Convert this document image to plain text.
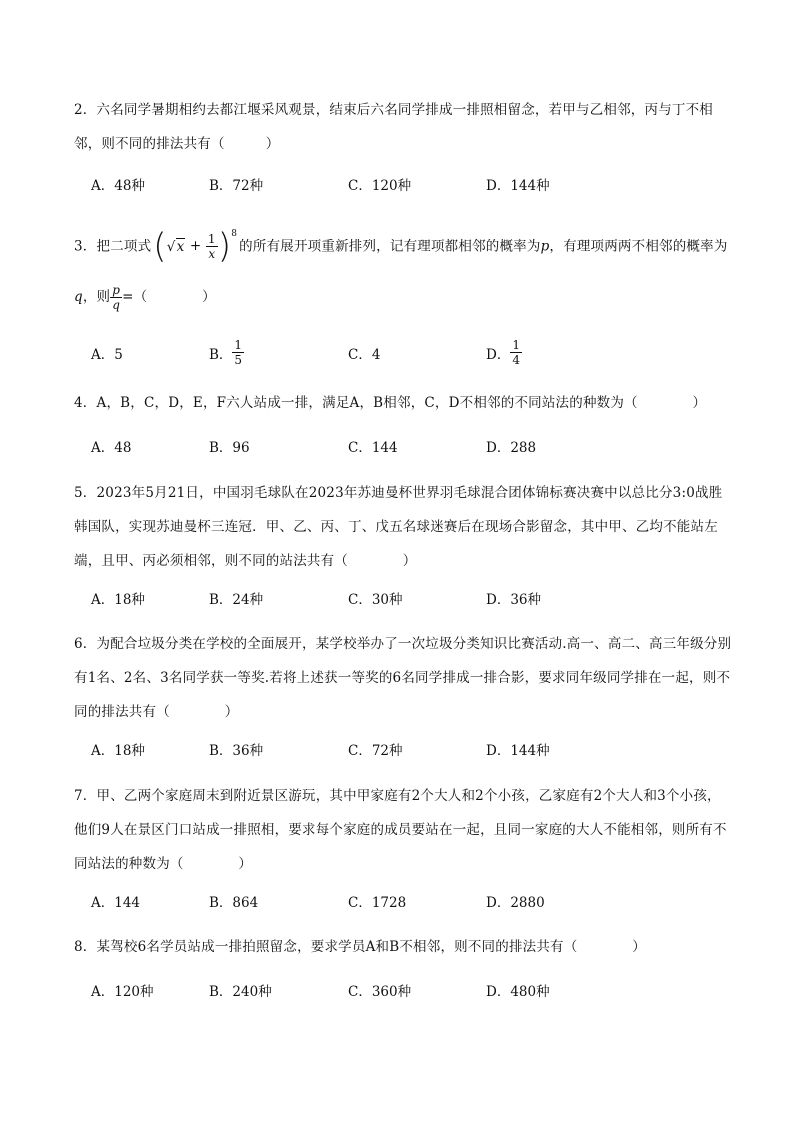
2．六名同学暑期相约去都江堰采风观景，结束后六名同学排成一排照相留念，若甲与乙相邻，丙与丁不相邻，则不同的排法共有（　　　）
A．48种	B．72种	C．120种	D．144种
3．把二项式$(√x + \frac{1}{x} )^8$的所有展开项重新排列，记有理项都相邻的概率为p，有理项两两不相邻的概率为
q，则 $\frac{p}{q}$ =（　　　　）
A．5	B． $\frac{1}{5}$	C．4	D． $\frac{1}{4}$
4．A，B，C，D，E，F六人站成一排，满足A，B相邻，C，D不相邻的不同站法的种数为（　　　　）
A．48	B．96	C．144	D．288
5．2023年5月21日，中国羽毛球队在2023年苏迪曼杯世界羽毛球混合团体锦标赛决赛中以总比分3:0战胜韩国队，实现苏迪曼杯三连冠．甲、乙、丙、丁、戊五名球迷赛后在现场合影留念，其中甲、乙均不能站左端，且甲、丙必须相邻，则不同的站法共有（　　　　）
A．18种	B．24种	C．30种	D．36种
6．为配合垃圾分类在学校的全面展开，某学校举办了一次垃圾分类知识比赛活动.高一、高二、高三年级分别有1名、2名、3名同学获一等奖.若将上述获一等奖的6名同学排成一排合影，要求同年级同学排在一起，则不同的排法共有（　　　　）
A．18种	B．36种	C．72种	D．144种
7．甲、乙两个家庭周末到附近景区游玩，其中甲家庭有2个大人和2个小孩，乙家庭有2个大人和3个小孩，他们9人在景区门口站成一排照相，要求每个家庭的成员要站在一起，且同一家庭的大人不能相邻，则所有不同站法的种数为（　　　　）
A．144	B．864	C．1728	D．2880
8．某驾校6名学员站成一排拍照留念，要求学员A和B不相邻，则不同的排法共有（　　　　）
A．120种	B．240种	C．360种	D．480种
